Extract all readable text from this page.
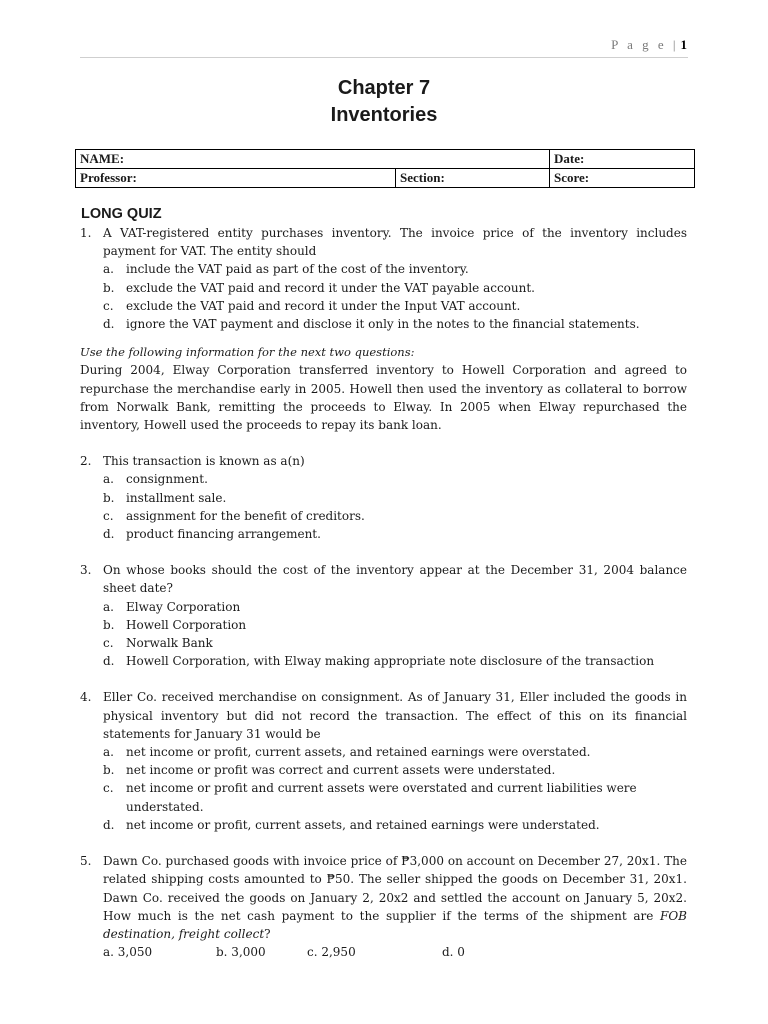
P a g e | 1
Chapter 7
Inventories
NAME:		Date:
Professor:	Section:	Score:
LONG QUIZ
1. A VAT-registered entity purchases inventory. The invoice price of the inventory includes payment for VAT. The entity should
a. include the VAT paid as part of the cost of the inventory.
b. exclude the VAT paid and record it under the VAT payable account.
c. exclude the VAT paid and record it under the Input VAT account.
d. ignore the VAT payment and disclose it only in the notes to the financial statements.
Use the following information for the next two questions:
During 2004, Elway Corporation transferred inventory to Howell Corporation and agreed to repurchase the merchandise early in 2005. Howell then used the inventory as collateral to borrow from Norwalk Bank, remitting the proceeds to Elway. In 2005 when Elway repurchased the inventory, Howell used the proceeds to repay its bank loan.
2. This transaction is known as a(n)
a. consignment.
b. installment sale.
c. assignment for the benefit of creditors.
d. product financing arrangement.
3. On whose books should the cost of the inventory appear at the December 31, 2004 balance sheet date?
a. Elway Corporation
b. Howell Corporation
c. Norwalk Bank
d. Howell Corporation, with Elway making appropriate note disclosure of the transaction
4. Eller Co. received merchandise on consignment. As of January 31, Eller included the goods in physical inventory but did not record the transaction. The effect of this on its financial statements for January 31 would be
a. net income or profit, current assets, and retained earnings were overstated.
b. net income or profit was correct and current assets were understated.
c. net income or profit and current assets were overstated and current liabilities were understated.
d. net income or profit, current assets, and retained earnings were understated.
5. Dawn Co. purchased goods with invoice price of ₱3,000 on account on December 27, 20x1. The related shipping costs amounted to ₱50. The seller shipped the goods on December 31, 20x1. Dawn Co. received the goods on January 2, 20x2 and settled the account on January 5, 20x2. How much is the net cash payment to the supplier if the terms of the shipment are FOB destination, freight collect?
a. 3,050	b. 3,000	c. 2,950	d. 0
